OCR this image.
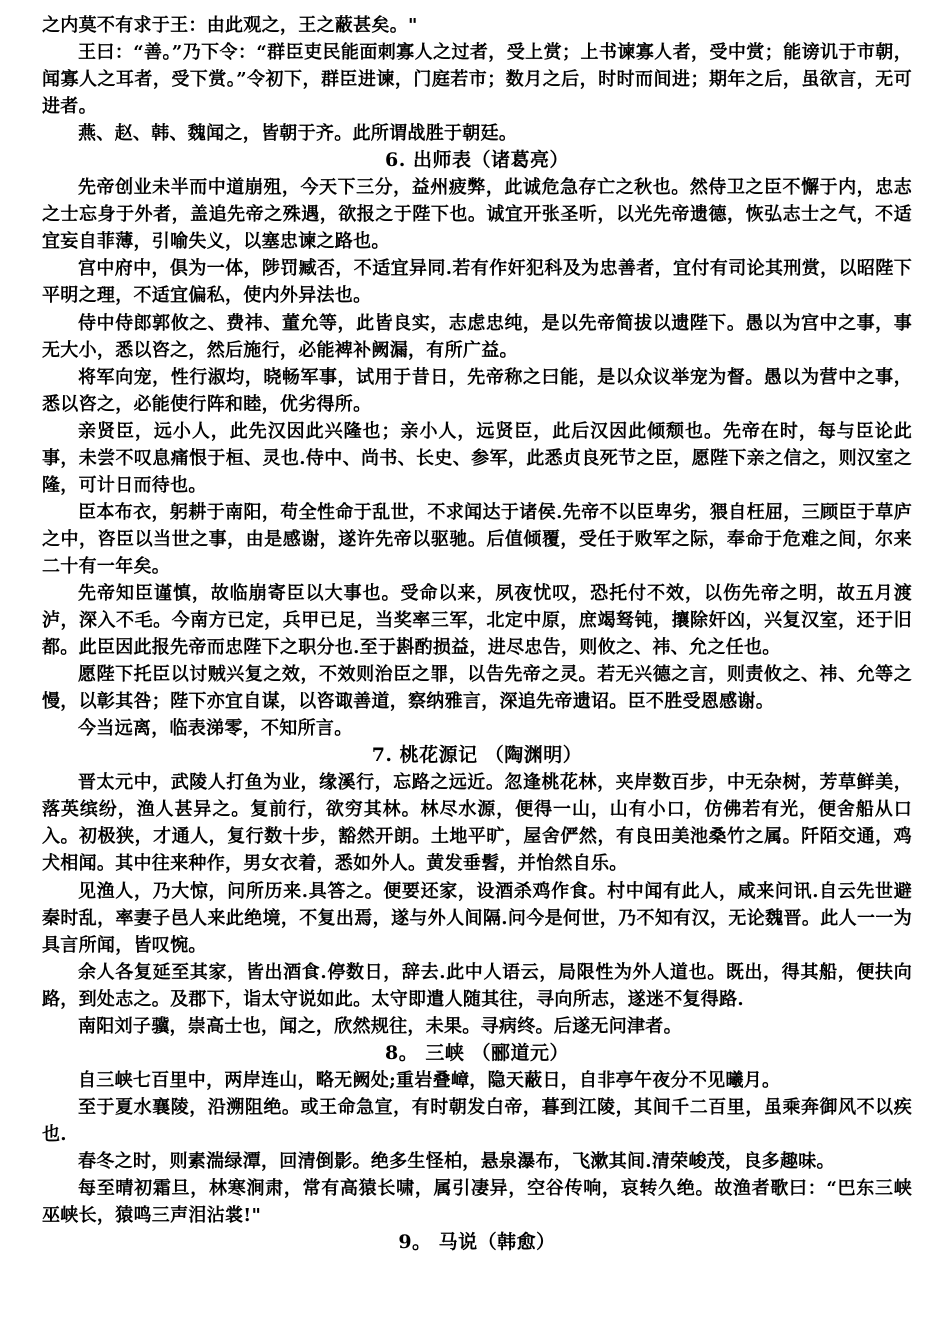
之内莫不有求于王：由此观之，王之蔽甚矣。"

王曰：“善。”乃下令：“群臣吏民能面刺寡人之过者，受上赏；上书谏寡人者，受中赏；能谤讥于市朝，闻寡人之耳者，受下赏。”令初下，群臣进谏，门庭若市；数月之后，时时而间进；期年之后，虽欲言，无可进者。

燕、赵、韩、魏闻之，皆朝于齐。此所谓战胜于朝廷。

6. 出师表（诸葛亮）

先帝创业未半而中道崩殂，今天下三分，益州疲弊，此诚危急存亡之秋也。然侍卫之臣不懈于内，忠志之士忘身于外者，盖追先帝之殊遇，欲报之于陛下也。诚宜开张圣听，以光先帝遗德，恢弘志士之气，不适宜妄自菲薄，引喻失义，以塞忠谏之路也。

宫中府中，俱为一体，陟罚臧否，不适宜异同.若有作奸犯科及为忠善者，宜付有司论其刑赏，以昭陛下平明之理，不适宜偏私，使内外异法也。

侍中侍郎郭攸之、费祎、董允等，此皆良实，志虑忠纯，是以先帝简拔以遗陛下。愚以为宫中之事，事无大小，悉以咨之，然后施行，必能裨补阙漏，有所广益。

将军向宠，性行淑均，晓畅军事，试用于昔日，先帝称之曰能，是以众议举宠为督。愚以为营中之事，悉以咨之，必能使行阵和睦，优劣得所。

亲贤臣，远小人，此先汉因此兴隆也；亲小人，远贤臣，此后汉因此倾颓也。先帝在时，每与臣论此事，未尝不叹息痛恨于桓、灵也.侍中、尚书、长史、参军，此悉贞良死节之臣，愿陛下亲之信之，则汉室之隆，可计日而待也。

臣本布衣，躬耕于南阳，苟全性命于乱世，不求闻达于诸侯.先帝不以臣卑劣，猥自枉屈，三顾臣于草庐之中，咨臣以当世之事，由是感谢，遂许先帝以驱驰。后值倾覆，受任于败军之际，奉命于危难之间，尔来二十有一年矣。

先帝知臣谨慎，故临崩寄臣以大事也。受命以来，夙夜忧叹，恐托付不效，以伤先帝之明，故五月渡泸，深入不毛。今南方已定，兵甲已足，当奖率三军，北定中原，庶竭驽钝，攘除奸凶，兴复汉室，还于旧都。此臣因此报先帝而忠陛下之职分也.至于斟酌损益，进尽忠告，则攸之、祎、允之任也。

愿陛下托臣以讨贼兴复之效，不效则治臣之罪，以告先帝之灵。若无兴德之言，则责攸之、祎、允等之慢，以彰其咎；陛下亦宜自谋，以咨诹善道，察纳雅言，深追先帝遗诏。臣不胜受恩感谢。

今当远离，临表涕零，不知所言。

7. 桃花源记 （陶渊明）

晋太元中，武陵人打鱼为业，缘溪行，忘路之远近。忽逢桃花林，夹岸数百步，中无杂树，芳草鲜美，落英缤纷，渔人甚异之。复前行，欲穷其林。林尽水源，便得一山，山有小口，仿佛若有光，便舍船从口入。初极狭，才通人，复行数十步，豁然开朗。土地平旷，屋舍俨然，有良田美池桑竹之属。阡陌交通，鸡犬相闻。其中往来种作，男女衣着，悉如外人。黄发垂髫，并怡然自乐。

见渔人，乃大惊，问所历来.具答之。便要还家，设酒杀鸡作食。村中闻有此人，咸来问讯.自云先世避秦时乱，率妻子邑人来此绝境，不复出焉，遂与外人间隔.问今是何世，乃不知有汉，无论魏晋。此人一一为具言所闻，皆叹惋。

余人各复延至其家，皆出酒食.停数日，辞去.此中人语云，局限性为外人道也。既出，得其船，便扶向路，到处志之。及郡下，诣太守说如此。太守即遣人随其往，寻向所志，遂迷不复得路.

南阳刘子骥，崇高士也，闻之，欣然规往，未果。寻病终。后遂无问津者。

8。 三峡 （郦道元）

自三峡七百里中，两岸连山，略无阙处;重岩叠嶂，隐天蔽日，自非亭午夜分不见曦月。

至于夏水襄陵，沿溯阻绝。或王命急宣，有时朝发白帝，暮到江陵，其间千二百里，虽乘奔御风不以疾也.

春冬之时，则素湍绿潭，回清倒影。绝多生怪柏，悬泉瀑布，飞漱其间.清荣峻茂，良多趣味。

每至晴初霜旦，林寒涧肃，常有高猿长啸，属引凄异，空谷传响，哀转久绝。故渔者歌曰：“巴东三峡巫峡长，猿鸣三声泪沾裳!"

9。 马说（韩愈）
